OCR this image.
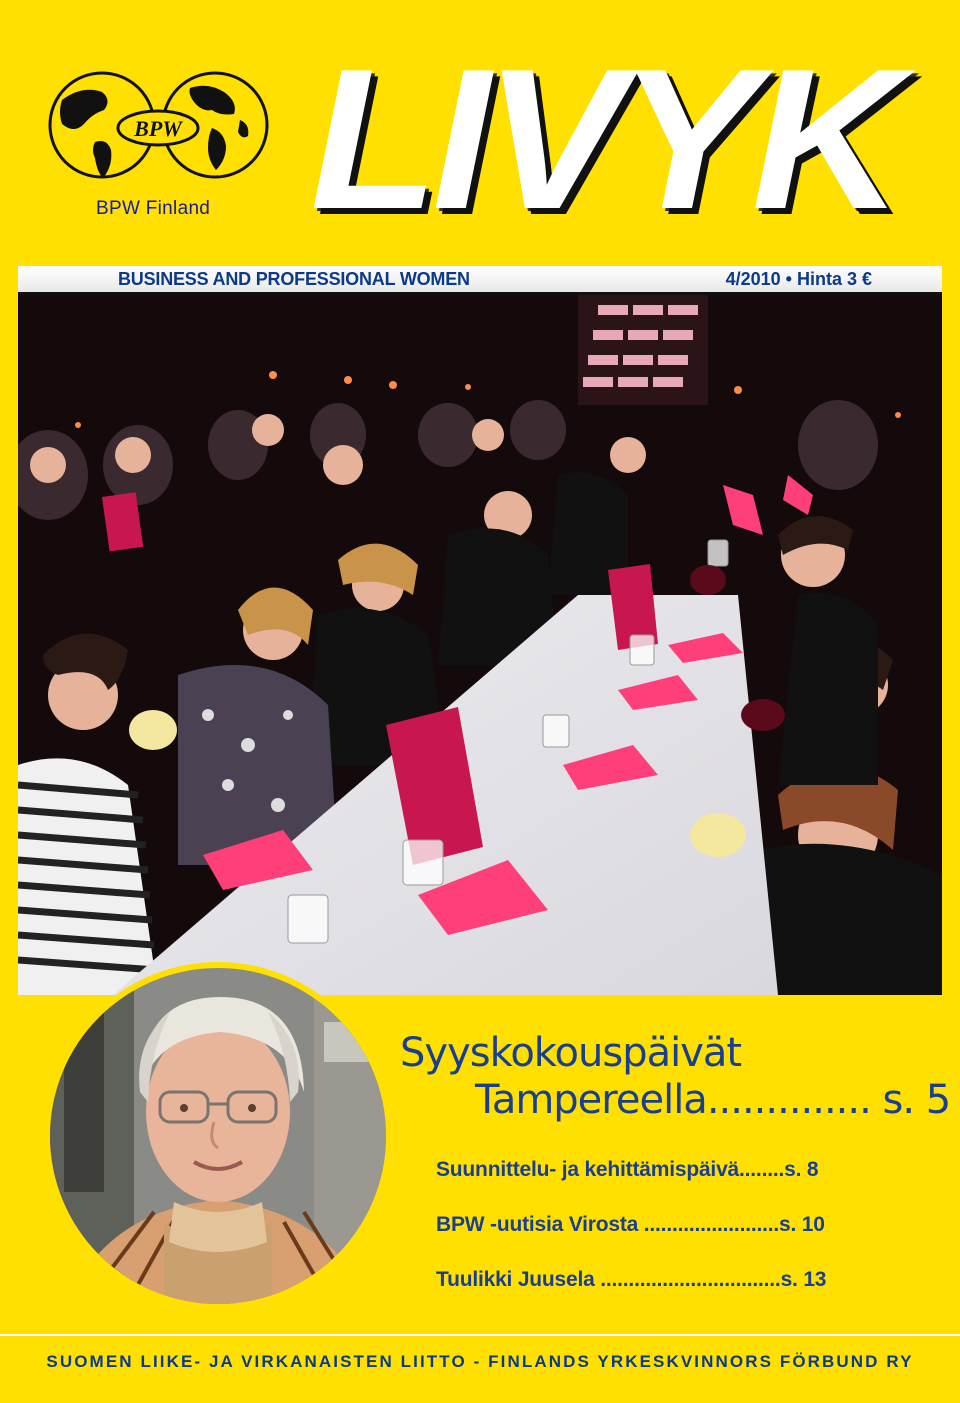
BPW
BPW Finland LIVYK
BUSINESS AND PROFESSIONAL WOMEN	4/2010 • Hinta 3 €
Syyskokouspäivät
Tampereella.............. s. 5
Suunnittelu- ja kehittämispäivä........s. 8
BPW -uutisia Virosta ........................s. 10
Tuulikki Juusela ................................s. 13
SUOMEN LIIKE- JA VIRKANAISTEN LIITTO - FINLANDS YRKESKVINNORS FÖRBUND RY
